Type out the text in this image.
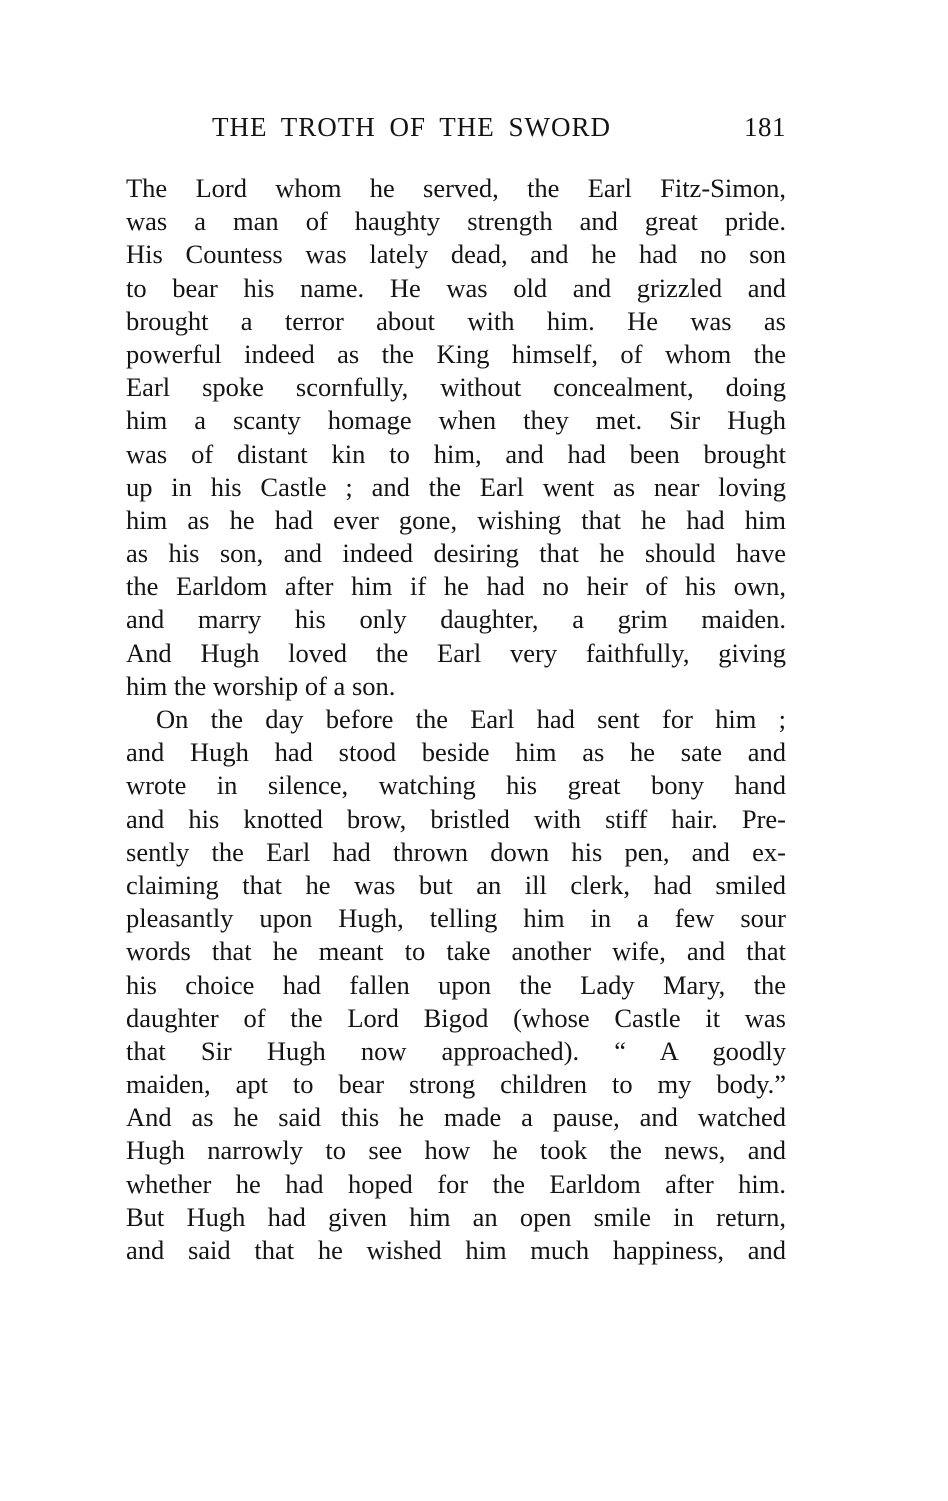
THE TROTH OF THE SWORD	181
The Lord whom he served, the Earl Fitz-Simon,
was a man of haughty strength and great pride.
His Countess was lately dead, and he had no son
to bear his name. He was old and grizzled and
brought a terror about with him. He was as
powerful indeed as the King himself, of whom the
Earl spoke scornfully, without concealment, doing
him a scanty homage when they met. Sir Hugh
was of distant kin to him, and had been brought
up in his Castle ; and the Earl went as near loving
him as he had ever gone, wishing that he had him
as his son, and indeed desiring that he should have
the Earldom after him if he had no heir of his own,
and marry his only daughter, a grim maiden.
And Hugh loved the Earl very faithfully, giving
him the worship of a son.
On the day before the Earl had sent for him ;
and Hugh had stood beside him as he sate and
wrote in silence, watching his great bony hand
and his knotted brow, bristled with stiff hair. Pre-
sently the Earl had thrown down his pen, and ex-
claiming that he was but an ill clerk, had smiled
pleasantly upon Hugh, telling him in a few sour
words that he meant to take another wife, and that
his choice had fallen upon the Lady Mary, the
daughter of the Lord Bigod (whose Castle it was
that Sir Hugh now approached). “ A goodly
maiden, apt to bear strong children to my body.”
And as he said this he made a pause, and watched
Hugh narrowly to see how he took the news, and
whether he had hoped for the Earldom after him.
But Hugh had given him an open smile in return,
and said that he wished him much happiness, and
